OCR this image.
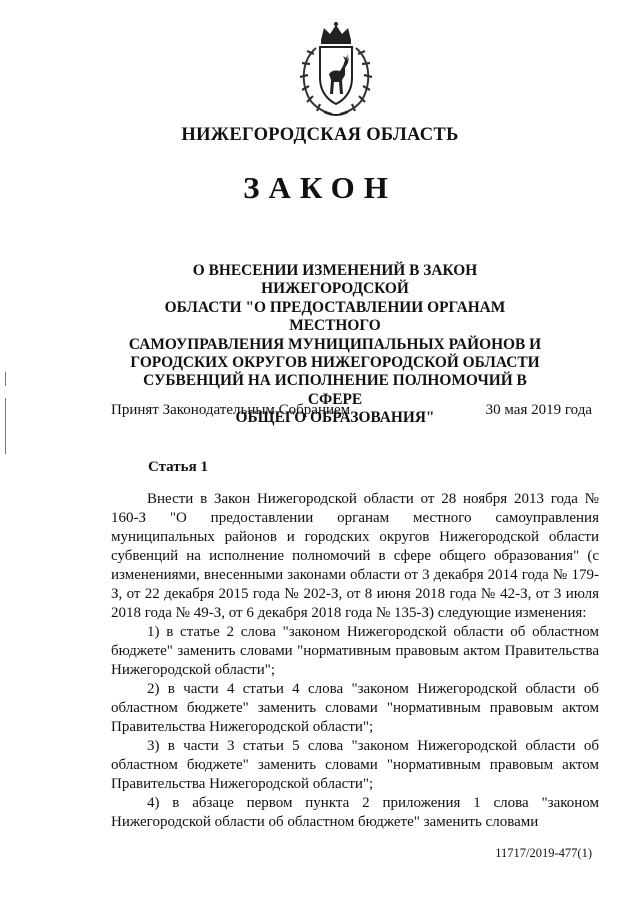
НИЖЕГОРОДСКАЯ ОБЛАСТЬ
ЗАКОН
О ВНЕСЕНИИ ИЗМЕНЕНИЙ В ЗАКОН НИЖЕГОРОДСКОЙ
ОБЛАСТИ "О ПРЕДОСТАВЛЕНИИ ОРГАНАМ МЕСТНОГО
САМОУПРАВЛЕНИЯ МУНИЦИПАЛЬНЫХ РАЙОНОВ И
ГОРОДСКИХ ОКРУГОВ НИЖЕГОРОДСКОЙ ОБЛАСТИ
СУБВЕНЦИЙ НА ИСПОЛНЕНИЕ ПОЛНОМОЧИЙ В СФЕРЕ
ОБЩЕГО ОБРАЗОВАНИЯ"
Принят Законодательным Собранием	30 мая 2019 года
Статья 1

Внести в Закон Нижегородской области от 28 ноября 2013 года № 160-З "О предоставлении органам местного самоуправления муниципальных районов и городских округов Нижегородской области субвенций на исполнение полномочий в сфере общего образования" (с изменениями, внесенными законами области от 3 декабря 2014 года № 179-З, от 22 декабря 2015 года № 202-З, от 8 июня 2018 года № 42-З, от 3 июля 2018 года № 49-З, от 6 декабря 2018 года № 135-З) следующие изменения:

1) в статье 2 слова "законом Нижегородской области об областном бюджете" заменить словами "нормативным правовым актом Правительства Нижегородской области";

2) в части 4 статьи 4 слова "законом Нижегородской области об областном бюджете" заменить словами "нормативным правовым актом Правительства Нижегородской области";

3) в части 3 статьи 5 слова "законом Нижегородской области об областном бюджете" заменить словами "нормативным правовым актом Правительства Нижегородской области";

4) в абзаце первом пункта 2 приложения 1 слова "законом Нижегородской области об областном бюджете" заменить словами

11717/2019-477(1)
